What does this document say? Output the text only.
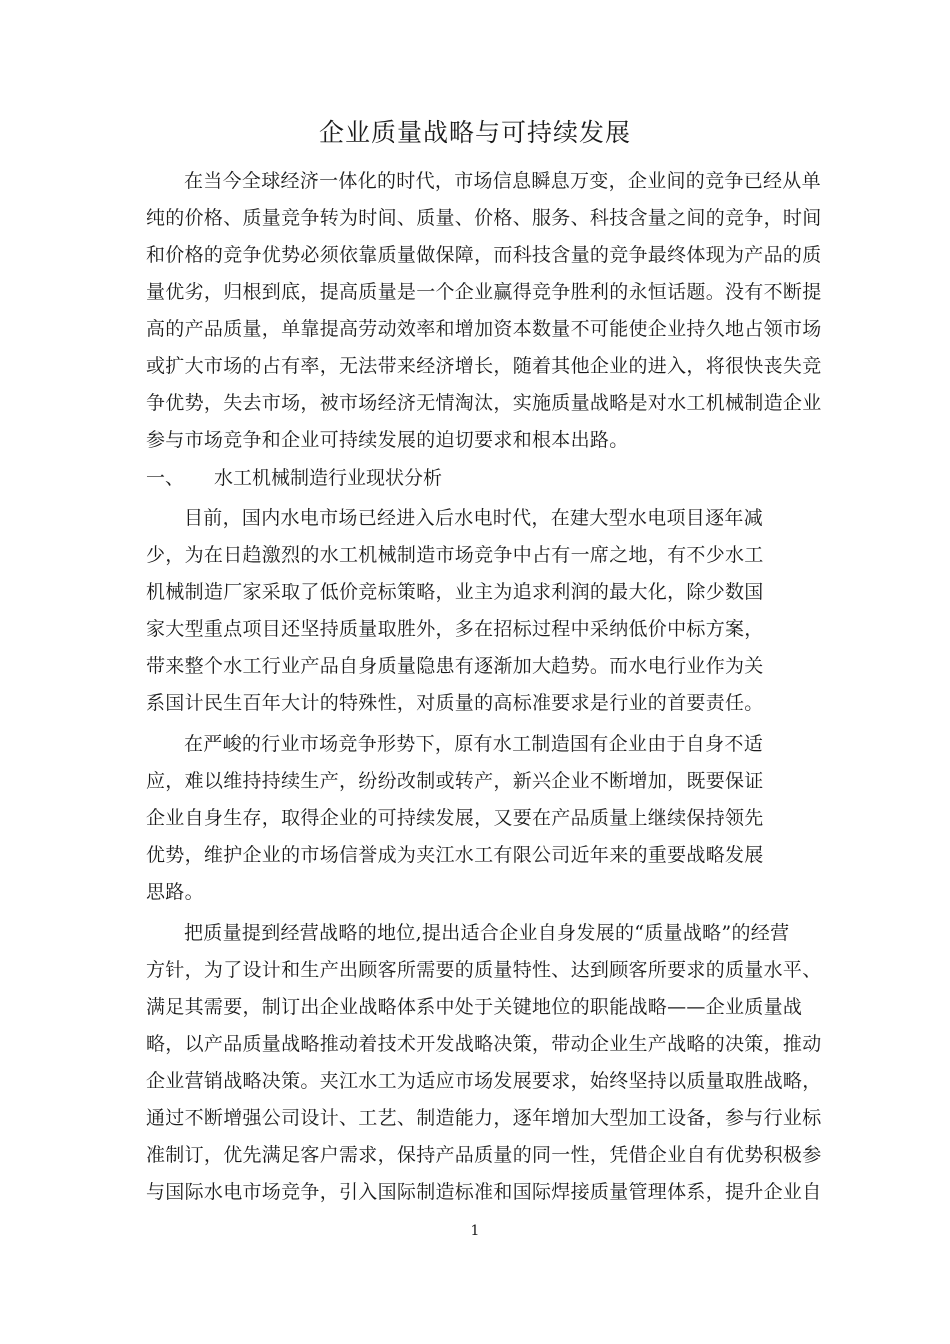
企业质量战略与可持续发展
在当今全球经济一体化的时代，市场信息瞬息万变，企业间的竞争已经从单
纯的价格、质量竞争转为时间、质量、价格、服务、科技含量之间的竞争，时间
和价格的竞争优势必须依靠质量做保障，而科技含量的竞争最终体现为产品的质
量优劣，归根到底，提高质量是一个企业赢得竞争胜利的永恒话题。没有不断提
高的产品质量，单靠提高劳动效率和增加资本数量不可能使企业持久地占领市场
或扩大市场的占有率，无法带来经济增长，随着其他企业的进入，将很快丧失竞
争优势，失去市场，被市场经济无情淘汰，实施质量战略是对水工机械制造企业
参与市场竞争和企业可持续发展的迫切要求和根本出路。
一、 水工机械制造行业现状分析
目前，国内水电市场已经进入后水电时代，在建大型水电项目逐年减
少，为在日趋激烈的水工机械制造市场竞争中占有一席之地，有不少水工
机械制造厂家采取了低价竞标策略，业主为追求利润的最大化，除少数国
家大型重点项目还坚持质量取胜外，多在招标过程中采纳低价中标方案，
带来整个水工行业产品自身质量隐患有逐渐加大趋势。而水电行业作为关
系国计民生百年大计的特殊性，对质量的高标准要求是行业的首要责任。
在严峻的行业市场竞争形势下，原有水工制造国有企业由于自身不适
应，难以维持持续生产，纷纷改制或转产，新兴企业不断增加，既要保证
企业自身生存，取得企业的可持续发展，又要在产品质量上继续保持领先
优势，维护企业的市场信誉成为夹江水工有限公司近年来的重要战略发展
思路。
把质量提到经营战略的地位,提出适合企业自身发展的“质量战略”的经营
方针，为了设计和生产出顾客所需要的质量特性、达到顾客所要求的质量水平、
满足其需要，制订出企业战略体系中处于关键地位的职能战略——企业质量战
略，以产品质量战略推动着技术开发战略决策，带动企业生产战略的决策，推动
企业营销战略决策。夹江水工为适应市场发展要求，始终坚持以质量取胜战略，
通过不断增强公司设计、工艺、制造能力，逐年增加大型加工设备，参与行业标
准制订，优先满足客户需求，保持产品质量的同一性，凭借企业自有优势积极参
与国际水电市场竞争，引入国际制造标准和国际焊接质量管理体系，提升企业自
1
